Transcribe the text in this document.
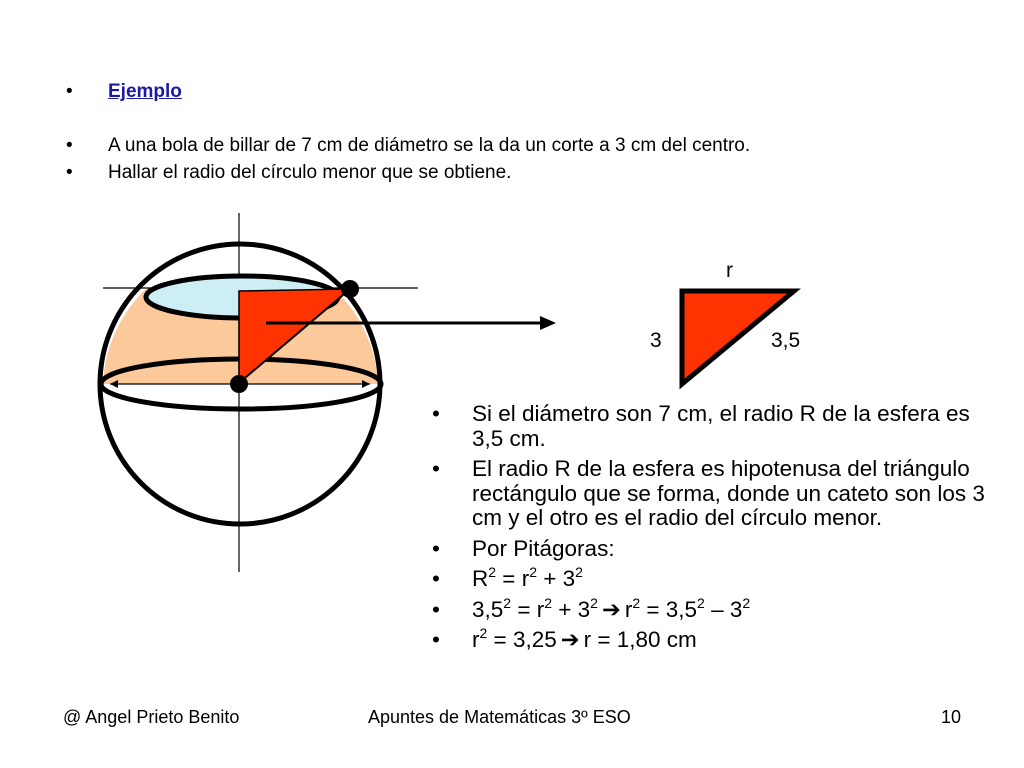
• Ejemplo
• A una bola de billar de 7 cm de diámetro se la da un corte a 3 cm del centro.
• Hallar el radio del círculo menor que se obtiene.
r
3	3,5
• Si el diámetro son 7 cm, el radio R de la esfera es 3,5 cm.
• El radio R de la esfera es hipotenusa del triángulo rectángulo que se forma, donde un cateto son los 3 cm y el otro es el radio del círculo menor.
• Por Pitágoras:
• $R^2 = r^2 + 3^2$
• $3,5^2 = r^2 + 3^2$ ➔ $r^2 = 3,5^2 - 3^2$
• $r^2 = 3,25$ ➔ r = 1,80 cm
@ Angel Prieto Benito	Apuntes de Matemáticas 3º ESO	10
